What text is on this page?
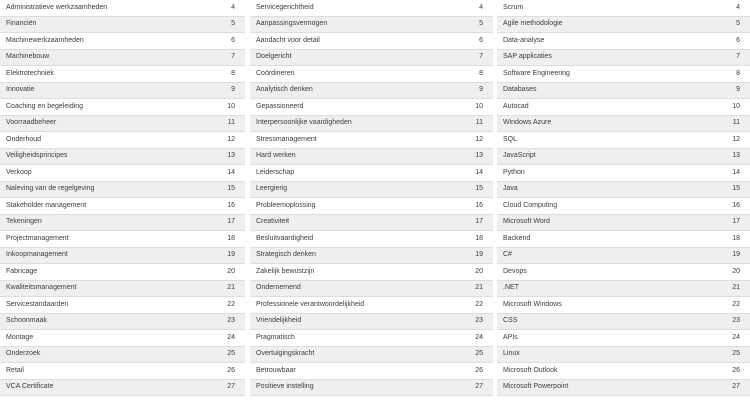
Administratieve werkzaamheden	4
Financiën	5
Machinewerkzaamheden	6
Machinebouw	7
Elektrotechniek	8
Innovatie	9
Coaching en begeleiding	10
Voorraadbeheer	11
Onderhoud	12
Veiligheidsprincipes	13
Verkoop	14
Naleving van de regelgeving	15
Stakeholder management	16
Tekeningen	17
Projectmanagement	18
Inkoopmanagement	19
Fabricage	20
Kwaliteitsmanagement	21
Servicestandaarden	22
Schoonmaak	23
Montage	24
Onderzoek	25
Retail	26
VCA Certificate	27
Servicegerichtheid	4
Aanpassingsvermogen	5
Aandacht voor detail	6
Doelgericht	7
Coördineren	8
Analytisch denken	9
Gepassioneerd	10
Interpersoonlijke vaardigheden	11
Stressmanagement	12
Hard werken	13
Leiderschap	14
Leergierig	15
Probleemoplossing	16
Creativiteit	17
Besluitvaardigheid	18
Strategisch denken	19
Zakelijk bewustzijn	20
Ondernemend	21
Professionele verantwoordelijkheid	22
Vriendelijkheid	23
Pragmatisch	24
Overtuigingskracht	25
Betrouwbaar	26
Positieve instelling	27
Scrum	4
Agile methodologie	5
Data-analyse	6
SAP applicaties	7
Software Engineering	8
Databases	9
Autocad	10
Windows Azure	11
SQL	12
JavaScript	13
Python	14
Java	15
Cloud Computing	16
Microsoft Word	17
Backend	18
C#	19
Devops	20
.NET	21
Microsoft Windows	22
CSS	23
APIs	24
Linux	25
Microsoft Outlook	26
Microsoft Powerpoint	27
